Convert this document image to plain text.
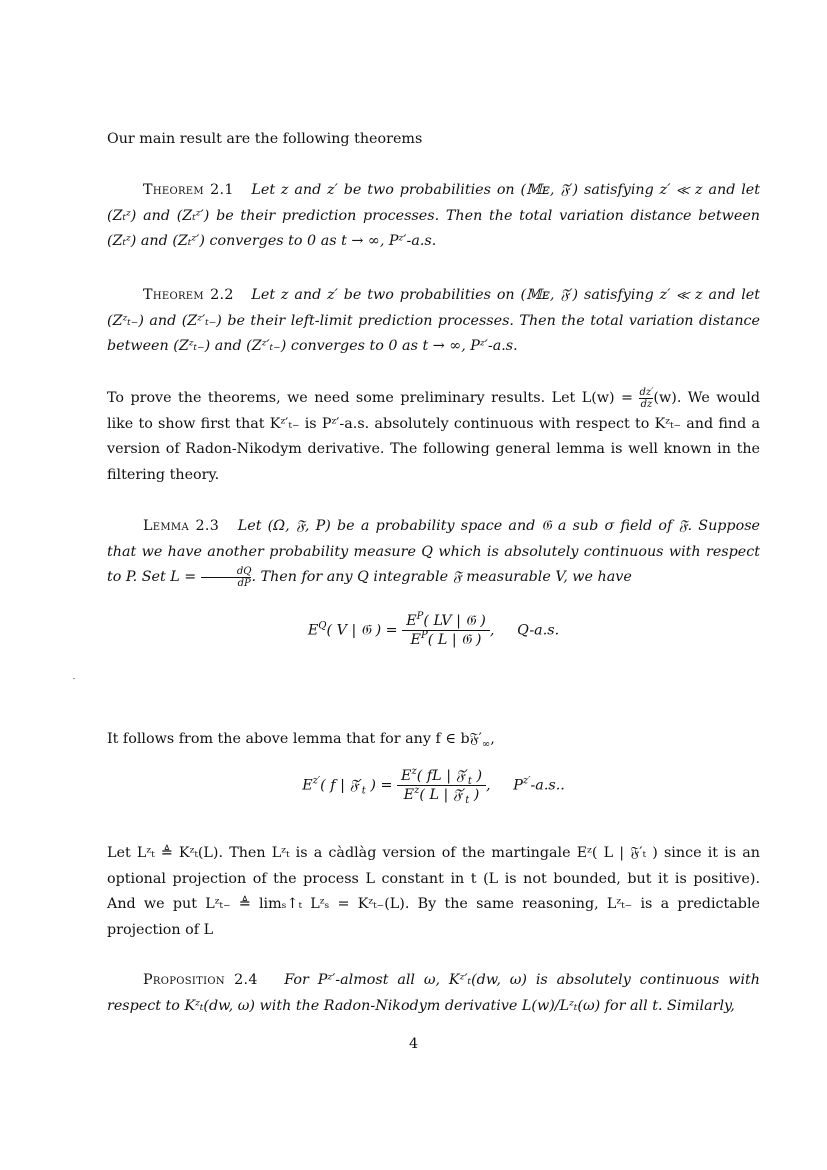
Our main result are the following theorems

Theorem 2.1 Let z and z′ be two probabilities on (𝕄ᴇ, 𝔉′) satisfying z′ ≪ z and let (Zₜᶻ) and (Zₜᶻ′) be their prediction processes. Then the total variation distance between (Zₜᶻ) and (Zₜᶻ′) converges to 0 as t → ∞, Pᶻ′-a.s.

Theorem 2.2 Let z and z′ be two probabilities on (𝕄ᴇ, 𝔉′) satisfying z′ ≪ z and let (Zᶻₜ₋) and (Zᶻ′ₜ₋) be their left-limit prediction processes. Then the total variation distance between (Zᶻₜ₋) and (Zᶻ′ₜ₋) converges to 0 as t → ∞, Pᶻ′-a.s.

To prove the theorems, we need some preliminary results. Let $L(w) = \frac{dz'}{dz} (w)$. We would like to show first that Kᶻ′ₜ₋ is Pᶻ′-a.s. absolutely continuous with respect to Kᶻₜ₋ and find a version of Radon-Nikodym derivative. The following general lemma is well known in the filtering theory.

Lemma 2.3 Let (Ω, 𝔉, P) be a probability space and 𝔊 a sub σ field of 𝔉. Suppose that we have another probability measure Q which is absolutely continuous with respect to P. Set $L = \frac{dQ}{dP}$ . Then for any Q integrable 𝔉 measurable V, we have

$E^Q$( V | 𝔊 ) = $\frac{E^P( LV | 𝔊 )}{E^P( L | 𝔊 )}$ ,     Q-a.s.

It follows from the above lemma that for any f ∈ $b𝔉'_\infty$,

$E^{z'}$( f | $𝔉'_t$ ) = $\frac{E^z( fL | 𝔉'_t )}{E^z( L | 𝔉'_t )}$ ,     $P^{z'}-a.s$..

Let Lᶻₜ ≜ Kᶻₜ(L). Then Lᶻₜ is a càdlàg version of the martingale Eᶻ( L | 𝔉′ₜ ) since it is an optional projection of the process L constant in t (L is not bounded, but it is positive). And we put Lᶻₜ₋ ≜ limₛ↑ₜ Lᶻₛ = Kᶻₜ₋(L). By the same reasoning, Lᶻₜ₋ is a predictable projection of L

Proposition 2.4 For Pᶻ′-almost all ω, Kᶻ′ₜ(dw, ω) is absolutely continuous with respect to Kᶻₜ(dw, ω) with the Radon-Nikodym derivative L(w)/Lᶻₜ(ω) for all t. Similarly,

4
